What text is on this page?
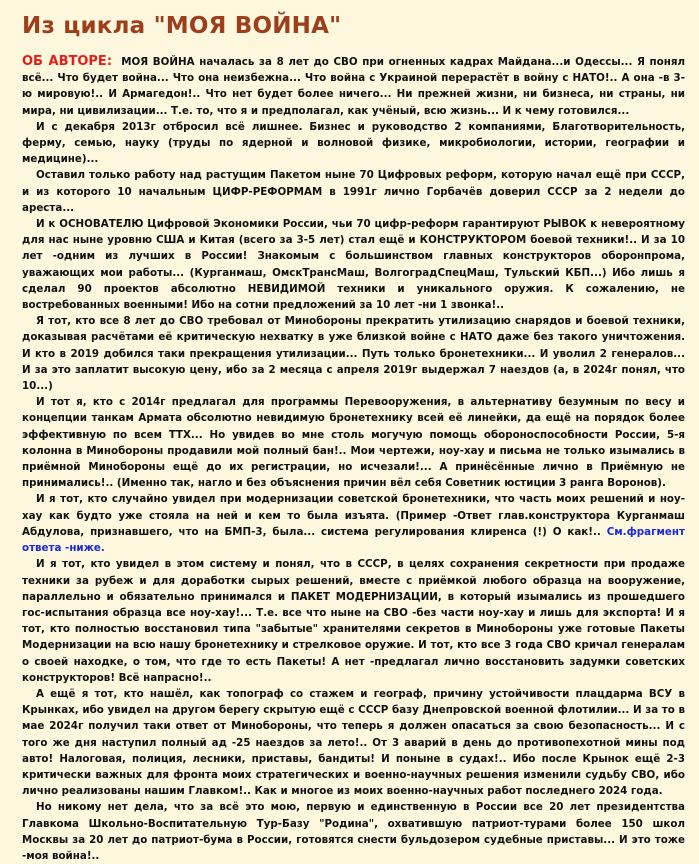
Из цикла "МОЯ ВОЙНА"

ОБ АВТОРЕ: МОЯ ВОЙНА началась за 8 лет до СВО при огненных кадрах Майдана...и Одессы... Я понял всё... Что будет война... Что она неизбежна... Что война с Украиной перерастёт в войну с НАТО!.. А она -в 3-ю мировую!.. И Армагедон!.. Что нет будет более ничего... Ни прежней жизни, ни бизнеса, ни страны, ни мира, ни цивилизации... Т.е. то, что я и предполагал, как учёный, всю жизнь... И к чему готовился...

И с декабря 2013г отбросил всё лишнее. Бизнес и руководство 2 компаниями, Благотворительность, ферму, семью, науку (труды по ядерной и волновой физике, микробиологии, истории, географии и медицине)...

Оставил только работу над растущим Пакетом ныне 70 Цифровых реформ, которую начал ещё при СССР, и из которого 10 начальным ЦИФР-РЕФОРМАМ в 1991г лично Горбачёв доверил СССР за 2 недели до ареста...

И к ОСНОВАТЕЛЮ Цифровой Экономики России, чьи 70 цифр-реформ гарантируют РЫВОК к невероятному для нас ныне уровню США и Китая (всего за 3-5 лет) стал ещё и КОНСТРУКТОРОМ боевой техники!.. И за 10 лет -одним из лучших в России! Знакомым с большинством главных конструкторов оборонпрома, уважающих мои работы... (Курганмаш, ОмскТрансМаш, ВолгоградСпецМаш, Тульский КБП...) Ибо лишь я сделал 90 проектов абсолютно НЕВИДИМОЙ техники и уникального оружия. К сожалению, не востребованных военными! Ибо на сотни предложений за 10 лет -ни 1 звонка!..

Я тот, кто все 8 лет до СВО требовал от Минобороны прекратить утилизацию снарядов и боевой техники, доказывая расчётами её критическую нехватку в уже близкой войне с НАТО даже без такого уничтожения. И кто в 2019 добился таки прекращения утилизации... Путь только бронетехники... И уволил 2 генералов... И за это заплатит высокую цену, ибо за 2 месяца с апреля 2019г выдержал 7 наездов (а, в 2024г понял, что 10...)

И тот я, кто с 2014г предлагал для программы Перевооружения, в альтернативу безумным по весу и концепции танкам Армата обсолютно невидимую бронетехнику всей её линейки, да ещё на порядок более эффективную по всем ТТХ... Но увидев во мне столь могучую помощь обороноспособности России, 5-я колонна в Минобороны продавили мой полный бан!.. Мои чертежи, ноу-хау и письма не только изымались в приёмной Минобороны ещё до их регистрации, но исчезали!... А принёсённые лично в Приёмную не принимались!.. (Именно так, нагло и без объяснения причин вёл себя Советник юстиции 3 ранга Воронов).

И я тот, кто случайно увидел при модернизации советской бронетехники, что часть моих решений и ноу-хау как будто уже стояла на ней и кем то была изъята. (Пример -Ответ глав.конструктора Курганмаш Абдулова, признавшего, что на БМП-3, была... система регулирования клиренса (!) О как!.. См.фрагмент ответа -ниже.

И я тот, кто увидел в этом систему и понял, что в СССР, в целях сохранения секретности при продаже техники за рубеж и для доработки сырых решений, вместе с приёмкой любого образца на вооружение, параллельно и обязательно принимался и ПАКЕТ МОДЕРНИЗАЦИИ, в который изымались из прошедшего гос-испытания образца все ноу-хау!... Т.е. все что ныне на СВО -без части ноу-хау и лишь для экспорта! И я тот, кто полностью восстановил типа "забытые" хранителями секретов в Минобороны уже готовые Пакеты Модернизации на всю нашу бронетехнику и стрелковое оружие. И тот, кто все 3 года СВО кричал генералам о своей находке, о том, что где то есть Пакеты! А нет -предлагал лично восстановить задумки советских конструкторов! Всё напрасно!..

А ещё я тот, кто нашёл, как топограф со стажем и географ, причину устойчивости плацдарма ВСУ в Крынках, ибо увидел на другом берегу скрытую ещё с СССР базу Днепровской военной флотилии... И за то в мае 2024г получил таки ответ от Минобороны, что теперь я должен опасаться за свою безопасность... И с того же дня наступил полный ад -25 наездов за лето!.. От 3 аварий в день до противопехотной мины под авто! Налоговая, полиция, лесники, приставы, бандиты! И поныне в судах!.. Ибо после Крынок ещё 2-3 критически важных для фронта моих стратегических и военно-научных решения изменили судьбу СВО, ибо лично реализованы нашим Главком!.. Как и многое из моих военно-научных работ последнего 2024 года.

Но никому нет дела, что за всё это мою, первую и единственную в России все 20 лет президентства Главкома Школьно-Воспитательную Тур-Базу "Родина", охватившую патриот-турами более 150 школ Москвы за 20 лет до патриот-бума в России, готовятся снести бульдозером судебные приставы... И это тоже -моя война!..
